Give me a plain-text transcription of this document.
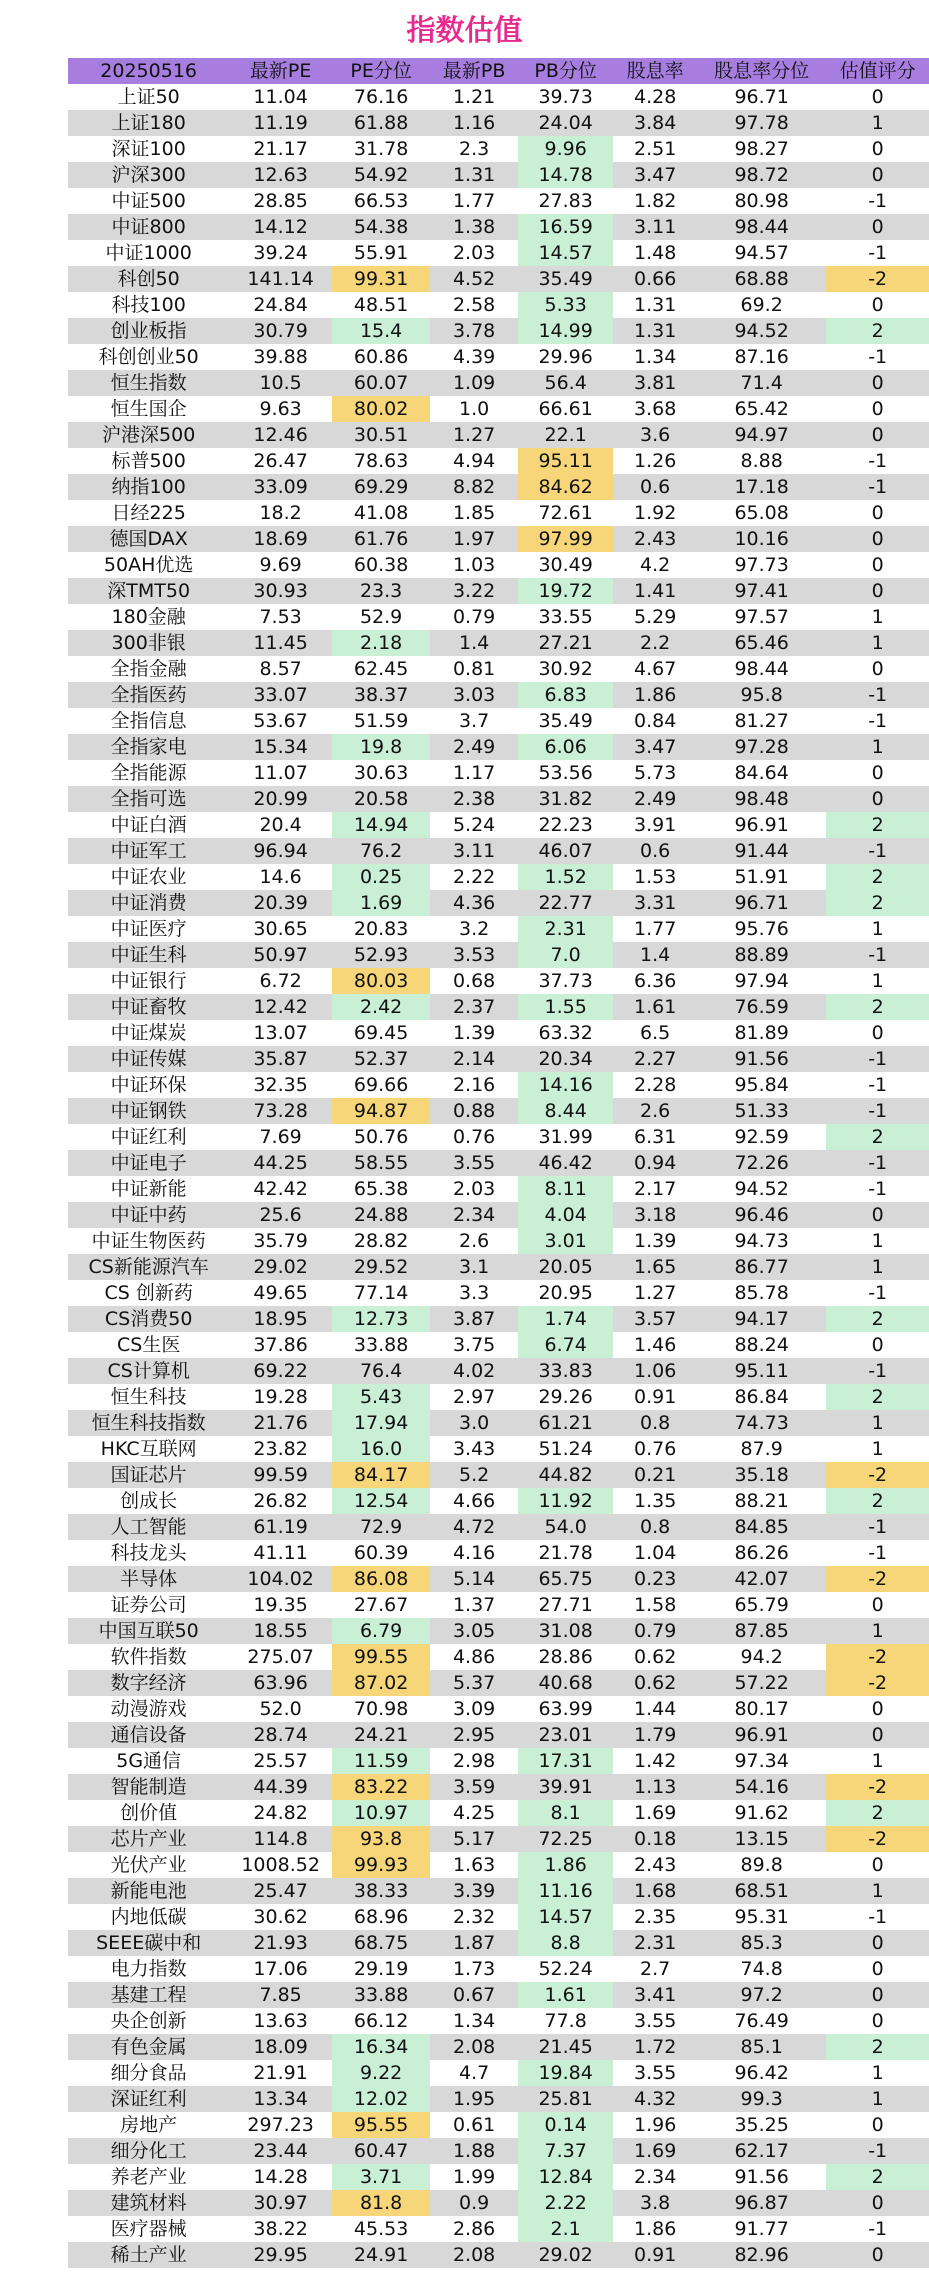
指数估值
20250516	最新PE	PE分位	最新PB	PB分位	股息率	股息率分位	估值评分
上证50	11.04	76.16	1.21	39.73	4.28	96.71	0
上证180	11.19	61.88	1.16	24.04	3.84	97.78	1
深证100	21.17	31.78	2.3	9.96	2.51	98.27	0
沪深300	12.63	54.92	1.31	14.78	3.47	98.72	0
中证500	28.85	66.53	1.77	27.83	1.82	80.98	-1
中证800	14.12	54.38	1.38	16.59	3.11	98.44	0
中证1000	39.24	55.91	2.03	14.57	1.48	94.57	-1
科创50	141.14	99.31	4.52	35.49	0.66	68.88	-2
科技100	24.84	48.51	2.58	5.33	1.31	69.2	0
创业板指	30.79	15.4	3.78	14.99	1.31	94.52	2
科创创业50	39.88	60.86	4.39	29.96	1.34	87.16	-1
恒生指数	10.5	60.07	1.09	56.4	3.81	71.4	0
恒生国企	9.63	80.02	1.0	66.61	3.68	65.42	0
沪港深500	12.46	30.51	1.27	22.1	3.6	94.97	0
标普500	26.47	78.63	4.94	95.11	1.26	8.88	-1
纳指100	33.09	69.29	8.82	84.62	0.6	17.18	-1
日经225	18.2	41.08	1.85	72.61	1.92	65.08	0
德国DAX	18.69	61.76	1.97	97.99	2.43	10.16	0
50AH优选	9.69	60.38	1.03	30.49	4.2	97.73	0
深TMT50	30.93	23.3	3.22	19.72	1.41	97.41	0
180金融	7.53	52.9	0.79	33.55	5.29	97.57	1
300非银	11.45	2.18	1.4	27.21	2.2	65.46	1
全指金融	8.57	62.45	0.81	30.92	4.67	98.44	0
全指医药	33.07	38.37	3.03	6.83	1.86	95.8	-1
全指信息	53.67	51.59	3.7	35.49	0.84	81.27	-1
全指家电	15.34	19.8	2.49	6.06	3.47	97.28	1
全指能源	11.07	30.63	1.17	53.56	5.73	84.64	0
全指可选	20.99	20.58	2.38	31.82	2.49	98.48	0
中证白酒	20.4	14.94	5.24	22.23	3.91	96.91	2
中证军工	96.94	76.2	3.11	46.07	0.6	91.44	-1
中证农业	14.6	0.25	2.22	1.52	1.53	51.91	2
中证消费	20.39	1.69	4.36	22.77	3.31	96.71	2
中证医疗	30.65	20.83	3.2	2.31	1.77	95.76	1
中证生科	50.97	52.93	3.53	7.0	1.4	88.89	-1
中证银行	6.72	80.03	0.68	37.73	6.36	97.94	1
中证畜牧	12.42	2.42	2.37	1.55	1.61	76.59	2
中证煤炭	13.07	69.45	1.39	63.32	6.5	81.89	0
中证传媒	35.87	52.37	2.14	20.34	2.27	91.56	-1
中证环保	32.35	69.66	2.16	14.16	2.28	95.84	-1
中证钢铁	73.28	94.87	0.88	8.44	2.6	51.33	-1
中证红利	7.69	50.76	0.76	31.99	6.31	92.59	2
中证电子	44.25	58.55	3.55	46.42	0.94	72.26	-1
中证新能	42.42	65.38	2.03	8.11	2.17	94.52	-1
中证中药	25.6	24.88	2.34	4.04	3.18	96.46	0
中证生物医药	35.79	28.82	2.6	3.01	1.39	94.73	1
CS新能源汽车	29.02	29.52	3.1	20.05	1.65	86.77	1
CS 创新药	49.65	77.14	3.3	20.95	1.27	85.78	-1
CS消费50	18.95	12.73	3.87	1.74	3.57	94.17	2
CS生医	37.86	33.88	3.75	6.74	1.46	88.24	0
CS计算机	69.22	76.4	4.02	33.83	1.06	95.11	-1
恒生科技	19.28	5.43	2.97	29.26	0.91	86.84	2
恒生科技指数	21.76	17.94	3.0	61.21	0.8	74.73	1
HKC互联网	23.82	16.0	3.43	51.24	0.76	87.9	1
国证芯片	99.59	84.17	5.2	44.82	0.21	35.18	-2
创成长	26.82	12.54	4.66	11.92	1.35	88.21	2
人工智能	61.19	72.9	4.72	54.0	0.8	84.85	-1
科技龙头	41.11	60.39	4.16	21.78	1.04	86.26	-1
半导体	104.02	86.08	5.14	65.75	0.23	42.07	-2
证券公司	19.35	27.67	1.37	27.71	1.58	65.79	0
中国互联50	18.55	6.79	3.05	31.08	0.79	87.85	1
软件指数	275.07	99.55	4.86	28.86	0.62	94.2	-2
数字经济	63.96	87.02	5.37	40.68	0.62	57.22	-2
动漫游戏	52.0	70.98	3.09	63.99	1.44	80.17	0
通信设备	28.74	24.21	2.95	23.01	1.79	96.91	0
5G通信	25.57	11.59	2.98	17.31	1.42	97.34	1
智能制造	44.39	83.22	3.59	39.91	1.13	54.16	-2
创价值	24.82	10.97	4.25	8.1	1.69	91.62	2
芯片产业	114.8	93.8	5.17	72.25	0.18	13.15	-2
光伏产业	1008.52	99.93	1.63	1.86	2.43	89.8	0
新能电池	25.47	38.33	3.39	11.16	1.68	68.51	1
内地低碳	30.62	68.96	2.32	14.57	2.35	95.31	-1
SEEE碳中和	21.93	68.75	1.87	8.8	2.31	85.3	0
电力指数	17.06	29.19	1.73	52.24	2.7	74.8	0
基建工程	7.85	33.88	0.67	1.61	3.41	97.2	0
央企创新	13.63	66.12	1.34	77.8	3.55	76.49	0
有色金属	18.09	16.34	2.08	21.45	1.72	85.1	2
细分食品	21.91	9.22	4.7	19.84	3.55	96.42	1
深证红利	13.34	12.02	1.95	25.81	4.32	99.3	1
房地产	297.23	95.55	0.61	0.14	1.96	35.25	0
细分化工	23.44	60.47	1.88	7.37	1.69	62.17	-1
养老产业	14.28	3.71	1.99	12.84	2.34	91.56	2
建筑材料	30.97	81.8	0.9	2.22	3.8	96.87	0
医疗器械	38.22	45.53	2.86	2.1	1.86	91.77	-1
稀土产业	29.95	24.91	2.08	29.02	0.91	82.96	0
